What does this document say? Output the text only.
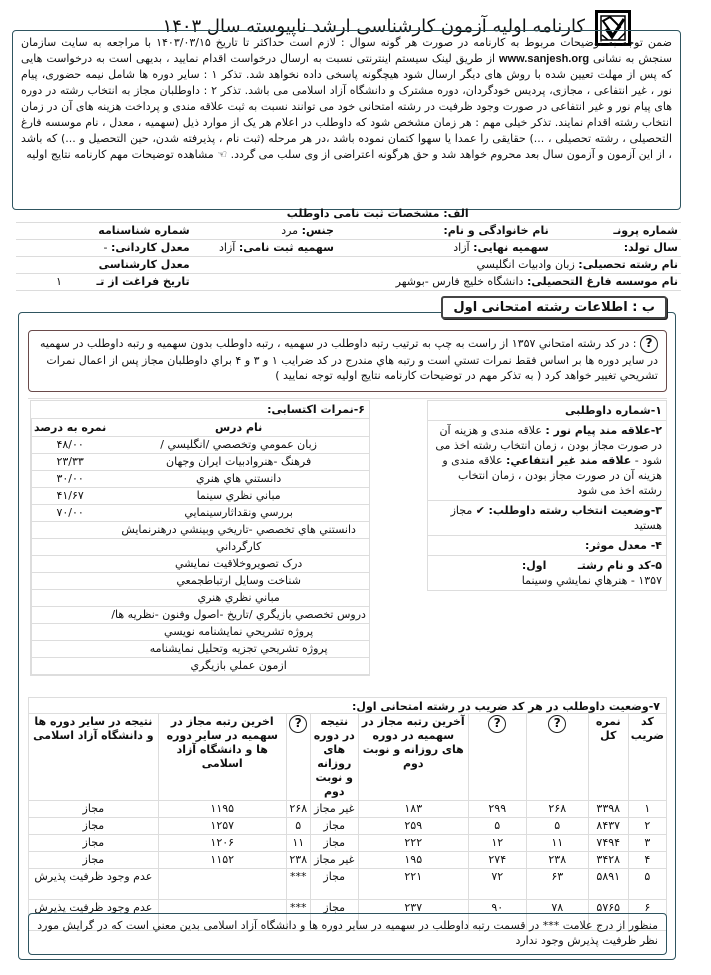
کارنامه اولیه آزمون کارشناسی ارشد ناپیوسته سال ۱۴۰۳
ضمن توجه به توضیحات مربوط به کارنامه در صورت هر گونه سوال : لازم است حداکثر تا تاریخ ۱۴۰۳/۰۳/۱۵ با مراجعه به سایت سازمان سنجش به نشانی www.sanjesh.org از طریق لینک سیستم اینترنتی نسبت به ارسال درخواست اقدام نمایید ، بدیهی است به درخواست هایی که پس از مهلت تعیین شده با روش های دیگر ارسال شود هیچگونه پاسخی داده نخواهد شد. تذکر ۱ : سایر دوره ها شامل نیمه حضوری، پیام نور ، غیر انتفاعی ، مجازی، پردیس خودگردان، دوره مشترک و دانشگاه آزاد اسلامی می باشد. تذکر ۲ : داوطلبان مجاز به انتخاب رشته در دوره های پیام نور و غیر انتفاعی در صورت وجود ظرفیت در رشته امتحانی خود می توانند نسبت به ثبت علاقه مندی و پرداخت هزینه های آن در زمان انتخاب رشته اقدام نمایند. تذکر خیلی مهم : هر زمان مشخص شود که داوطلب در اعلام هر یک از موارد ذیل (سهمیه ، معدل ، نام موسسه فارغ التحصیلی ، رشته تحصیلی ، ...) حقایقی را عمدا یا سهوا کتمان نموده باشد ،در هر مرحله (ثبت نام ، پذیرفته شدن، حین التحصیل و ...) که باشد ، از این آزمون و آزمون سال بعد محروم خواهد شد و حق هرگونه اعتراضی از وی سلب می گردد. ☜ مشاهده توضیحات مهم کارنامه نتایج اولیه
الف: مشخصات ثبت نامی داوطلب					
شماره پرونـ	نام خانوادگی و نام:		جنس: مرد	شماره شناسنامه	
سال تولد:	سهمیه نهایی: آزاد		سهمیه ثبت نامی: آزاد	معدل کاردانی: -	
نام رشته تحصیلی: زبان وادبیات انگلیسي				معدل کارشناسی	
نام موسسه فارغ التحصیلی: دانشگاه خلیج فارس -بوشهر				تاریخ فراغت از تـ	۱
ب : اطلاعات رشته امتحانی اول
? : در کد رشته امتحاني ۱۳۵۷ از راست به چپ به ترتيب رتبه داوطلب در سهميه ، رتبه داوطلب بدون سهميه و رتبه داوطلب در سهميه در ساير دوره ها بر اساس فقط نمرات تستي است و رتبه هاي مندرج در کد ضرايب ۱ و ۳ و ۴ براي داوطلبان مجاز پس از اعمال نمرات تشريحي تغيير خواهد کرد ( به تذکر مهم در توضيحات کارنامه نتايج اوليه توجه نماييد )
۱-شماره داوطلبی
۲-علاقه مند پیام نور : علاقه مندی و هزینه آن در صورت مجاز بودن ، زمان انتخاب رشته اخذ می شود - علاقه مند غیر انتفاعي: علاقه مندی و هزینه آن در صورت مجاز بودن ، زمان انتخاب رشته اخذ می شود
۳-وضعیت انتخاب رشته داوطلب: ✔ مجاز هستید
۴- معدل موثر:
۵-کد و نام رشتـ         اول:
۱۳۵۷ - هنرهاي نمايشي وسينما
۶-نمرات اکتسابی:
نام درس	نمره به درصد
زبان عمومي وتخصصي /انگليسي /	۴۸/۰۰
فرهنگ -هنروادبيات ايران وجهان	۲۳/۳۳
دانستني هاي هنري	۳۰/۰۰
مباني نظري سينما	۴۱/۶۷
بررسي ونقداثارسينمايي	۷۰/۰۰
دانستني هاي تخصصي -تاريخي وبينشي درهنرنمايش	
کارگرداني	
درک تصويروخلاقيت نمايشي	
شناخت وسايل ارتباطجمعي	
مباني نظري هنري	
دروس تخصصي بازيگري /تاريخ -اصول وفنون -نظريه ها/	
پروژه تشريحي نمايشنامه نويسي	
پروژه تشريحي تجزيه وتحليل نمايشنامه	
ازمون عملي بازيگري	
۷-وضعیت داوطلب در هر کد ضریب در رشته امتحانی اول:
کد ضریب	نمره کل	?	?	آخرین رتبه مجاز در سهمیه در دوره های روزانه و نوبت دوم	نتیجه در دوره های روزانه و نوبت دوم	?	اخرین رتبه مجاز در سهمیه در سایر دوره ها و دانشگاه آزاد اسلامی	نتیجه در سایر دوره ها و دانشگاه آزاد اسلامی
۱	۳۳۹۸	۲۶۸	۲۹۹	۱۸۳	غیر مجاز	۲۶۸	۱۱۹۵	مجاز
۲	۸۴۳۷	۵	۵	۲۵۹	مجاز	۵	۱۲۵۷	مجاز
۳	۷۴۹۴	۱۱	۱۲	۲۲۲	مجاز	۱۱	۱۲۰۶	مجاز
۴	۳۴۲۸	۲۳۸	۲۷۴	۱۹۵	غیر مجاز	۲۳۸	۱۱۵۲	مجاز
۵	۵۸۹۱	۶۳	۷۲	۲۲۱	مجاز	***		عدم وجود ظرفیت پذیرش
۶	۵۷۶۵	۷۸	۹۰	۲۳۷	مجاز	***		عدم وجود ظرفیت پذیرش
منظور از درج علامت *** در قسمت رتبه داوطلب در سهمیه در سایر دوره ها و دانشگاه آزاد اسلامی بدین معني است که در گرایش مورد نظر ظرفیت پذیرش وجود ندارد
